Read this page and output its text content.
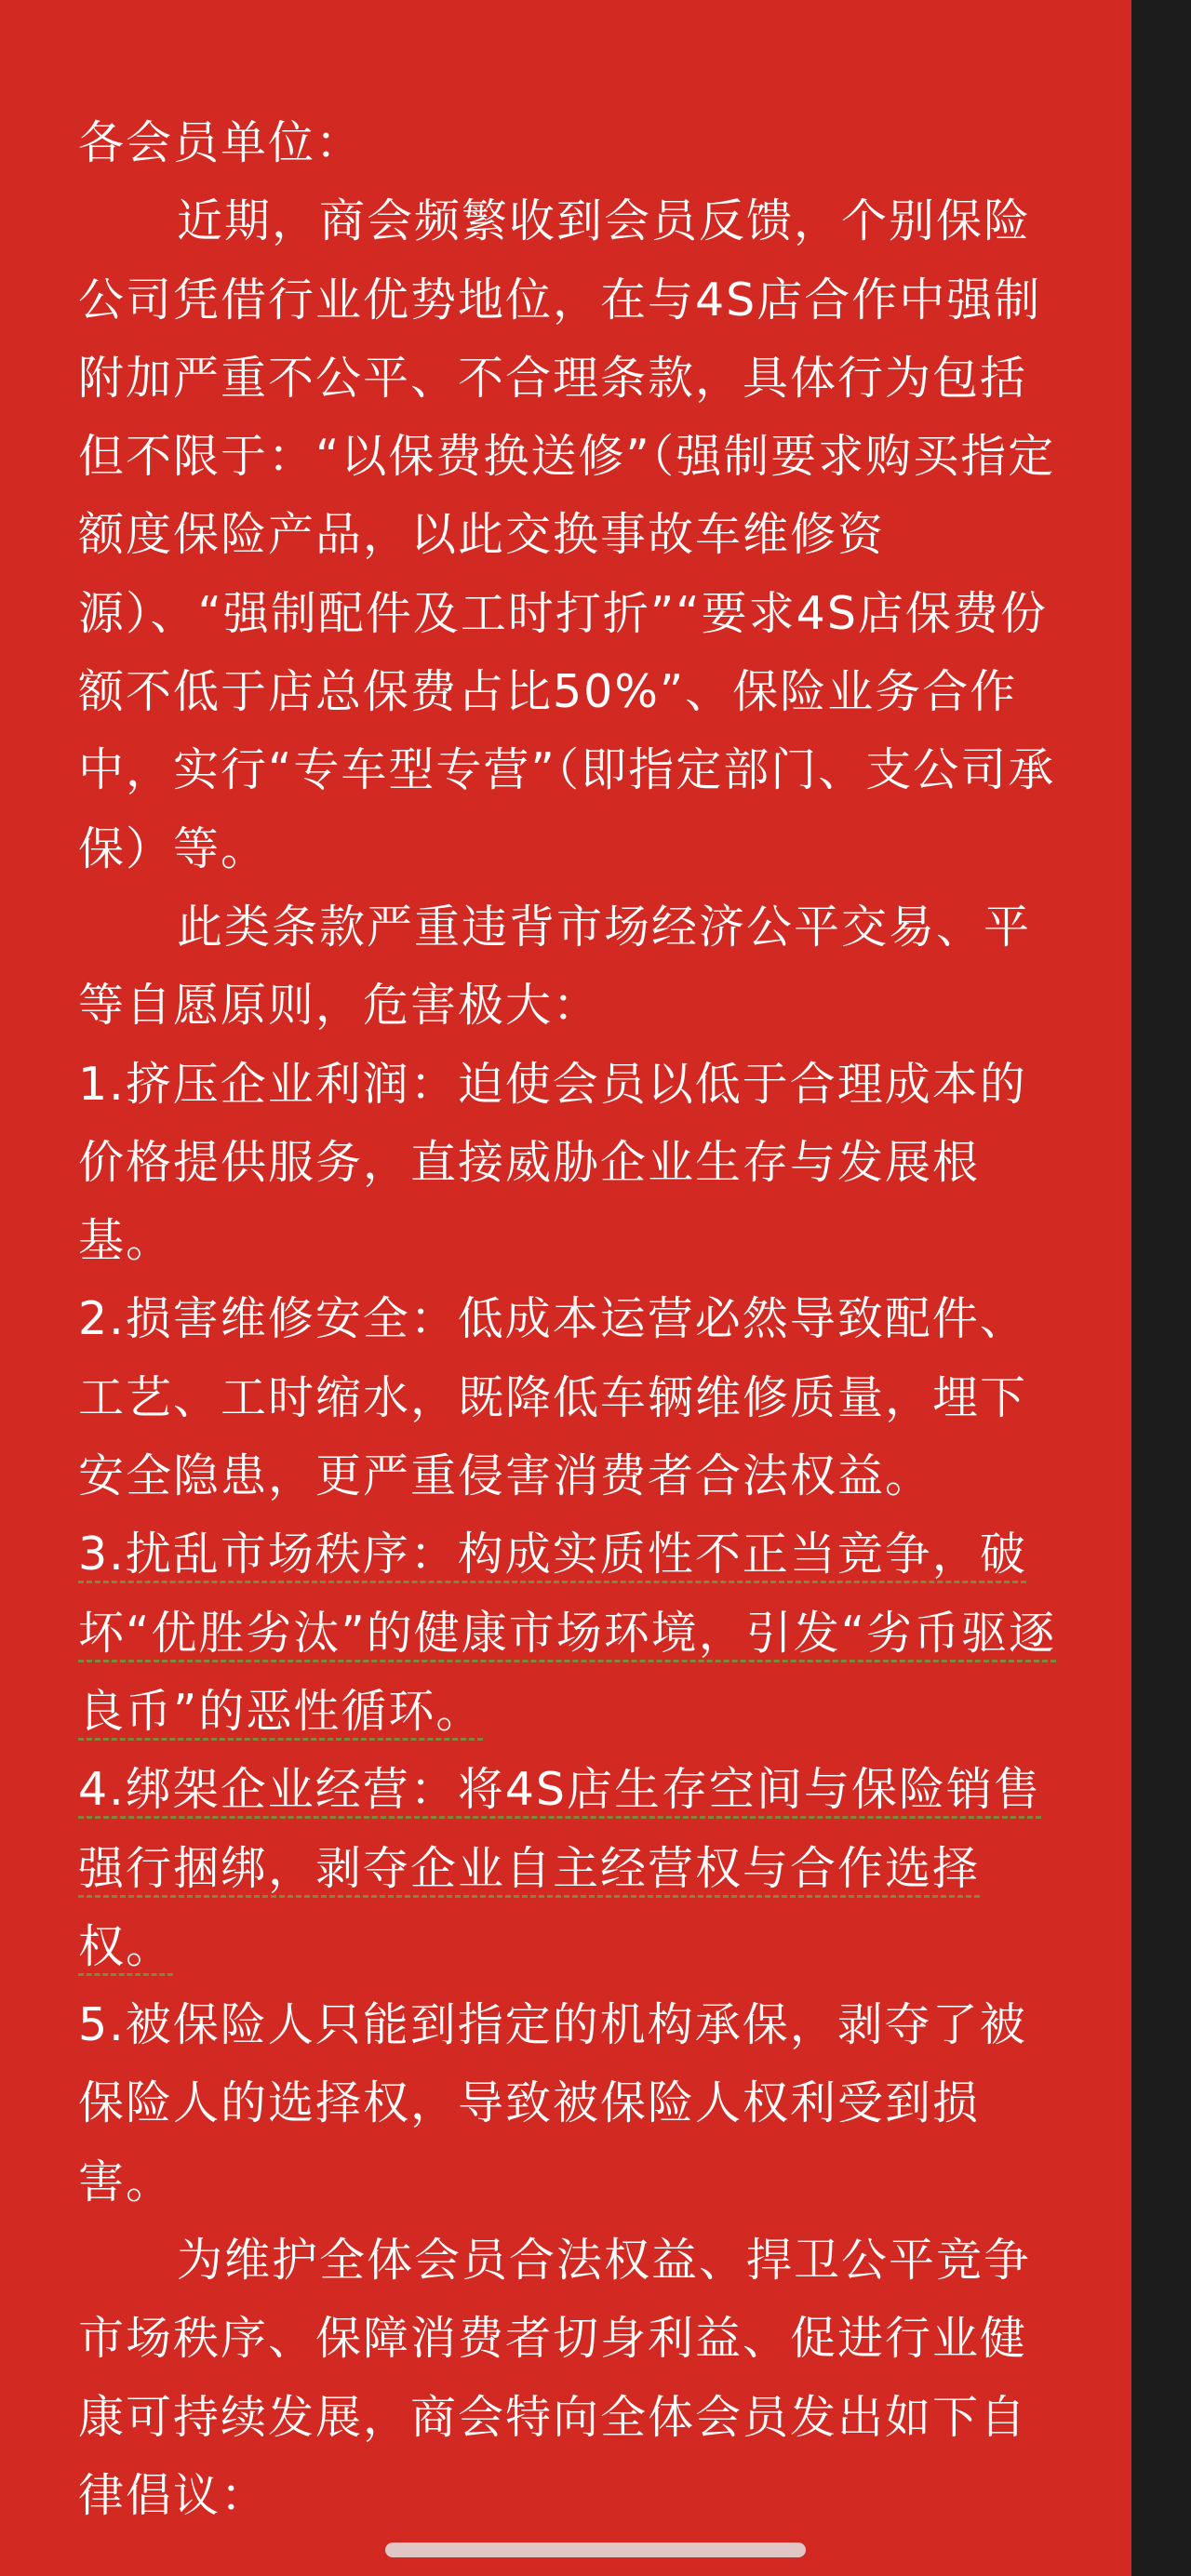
各会员单位：

近期，商会频繁收到会员反馈，个别保险公司凭借行业优势地位，在与4S店合作中强制附加严重不公平、不合理条款，具体行为包括但不限于：“以保费换送修”（强制要求购买指定额度保险产品，以此交换事故车维修资源）、“强制配件及工时打折”“要求4S店保费份额不低于店总保费占比50%”、保险业务合作中，实行“专车型专营”（即指定部门、支公司承保）等。

此类条款严重违背市场经济公平交易、平等自愿原则，危害极大：

1.挤压企业利润：迫使会员以低于合理成本的价格提供服务，直接威胁企业生存与发展根基。

2.损害维修安全：低成本运营必然导致配件、工艺、工时缩水，既降低车辆维修质量，埋下安全隐患，更严重侵害消费者合法权益。

3.扰乱市场秩序：构成实质性不正当竞争，破坏“优胜劣汰”的健康市场环境，引发“劣币驱逐良币”的恶性循环。

4.绑架企业经营：将4S店生存空间与保险销售强行捆绑，剥夺企业自主经营权与合作选择权。

5.被保险人只能到指定的机构承保，剥夺了被保险人的选择权，导致被保险人权利受到损害。

为维护全体会员合法权益、捍卫公平竞争市场秩序、保障消费者切身利益、促进行业健康可持续发展，商会特向全体会员发出如下自律倡议：
